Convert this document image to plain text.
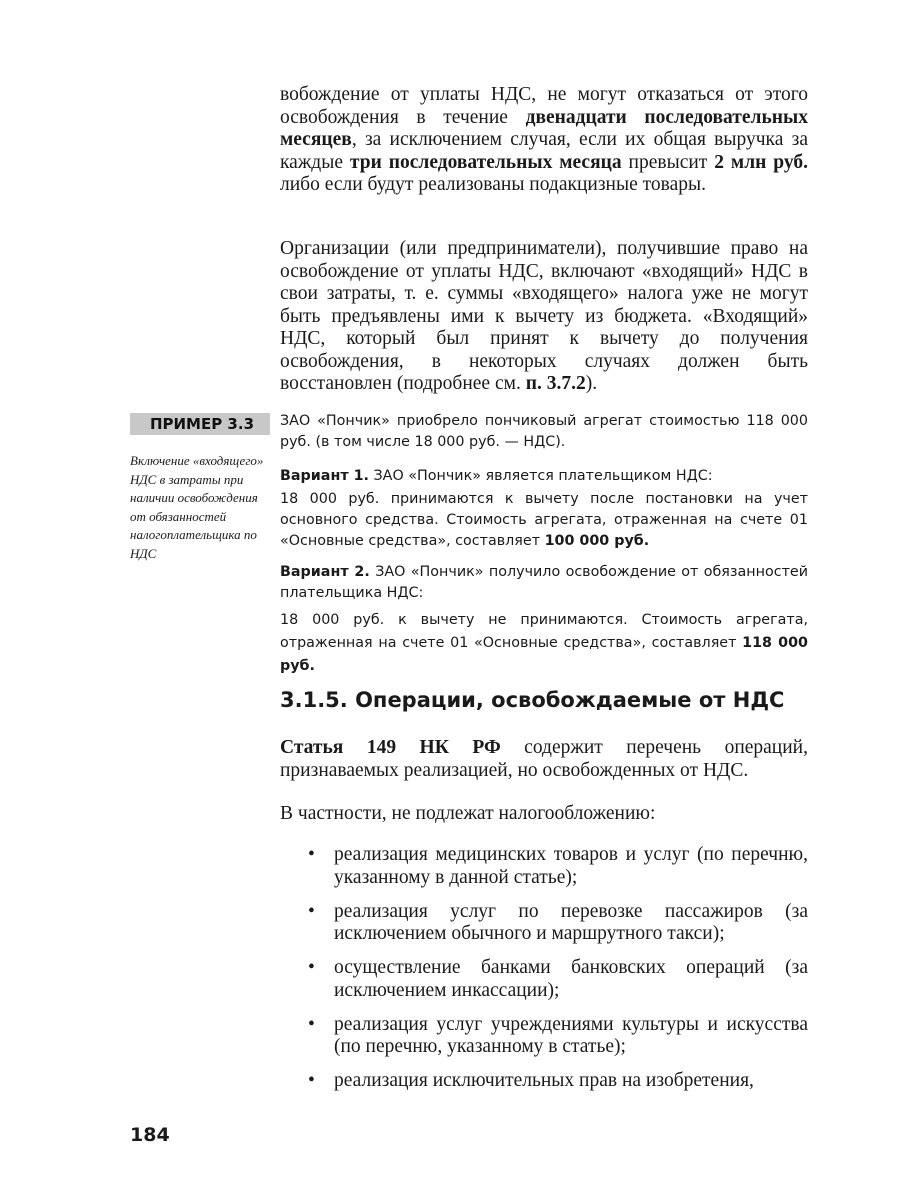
вобождение от уплаты НДС, не могут отказаться от этого освобождения в течение двенадцати последовательных месяцев, за исключением случая, если их общая выручка за каждые три последовательных месяца превысит 2 млн руб. либо если будут реализованы подакцизные товары.

Организации (или предприниматели), получившие право на освобождение от уплаты НДС, включают «входящий» НДС в свои затраты, т. е. суммы «входящего» налога уже не могут быть предъявлены ими к вычету из бюджета. «Входящий» НДС, который был принят к вычету до получения освобождения, в некоторых случаях должен быть восстановлен (подробнее см. п. 3.7.2).

ПРИМЕР 3.3

Включение «входящего» НДС в затраты при наличии освобождения от обязанностей налогоплательщика по НДС

ЗАО «Пончик» приобрело пончиковый агрегат стоимостью 118 000 руб. (в том числе 18 000 руб. — НДС).

Вариант 1. ЗАО «Пончик» является плательщиком НДС:

18 000 руб. принимаются к вычету после постановки на учет основного средства. Стоимость агрегата, отраженная на счете 01 «Основные средства», составляет 100 000 руб.

Вариант 2. ЗАО «Пончик» получило освобождение от обязанностей плательщика НДС:

18 000 руб. к вычету не принимаются. Стоимость агрегата, отраженная на счете 01 «Основные средства», составляет 118 000 руб.

3.1.5. Операции, освобождаемые от НДС

Статья 149 НК РФ содержит перечень операций, признаваемых реализацией, но освобожденных от НДС.

В частности, не подлежат налогообложению:

• реализация медицинских товаров и услуг (по перечню, указанному в данной статье);
• реализация услуг по перевозке пассажиров (за исключением обычного и маршрутного такси);
• осуществление банками банковских операций (за исключением инкассации);
• реализация услуг учреждениями культуры и искусства (по перечню, указанному в статье);
• реализация исключительных прав на изобретения,
184
